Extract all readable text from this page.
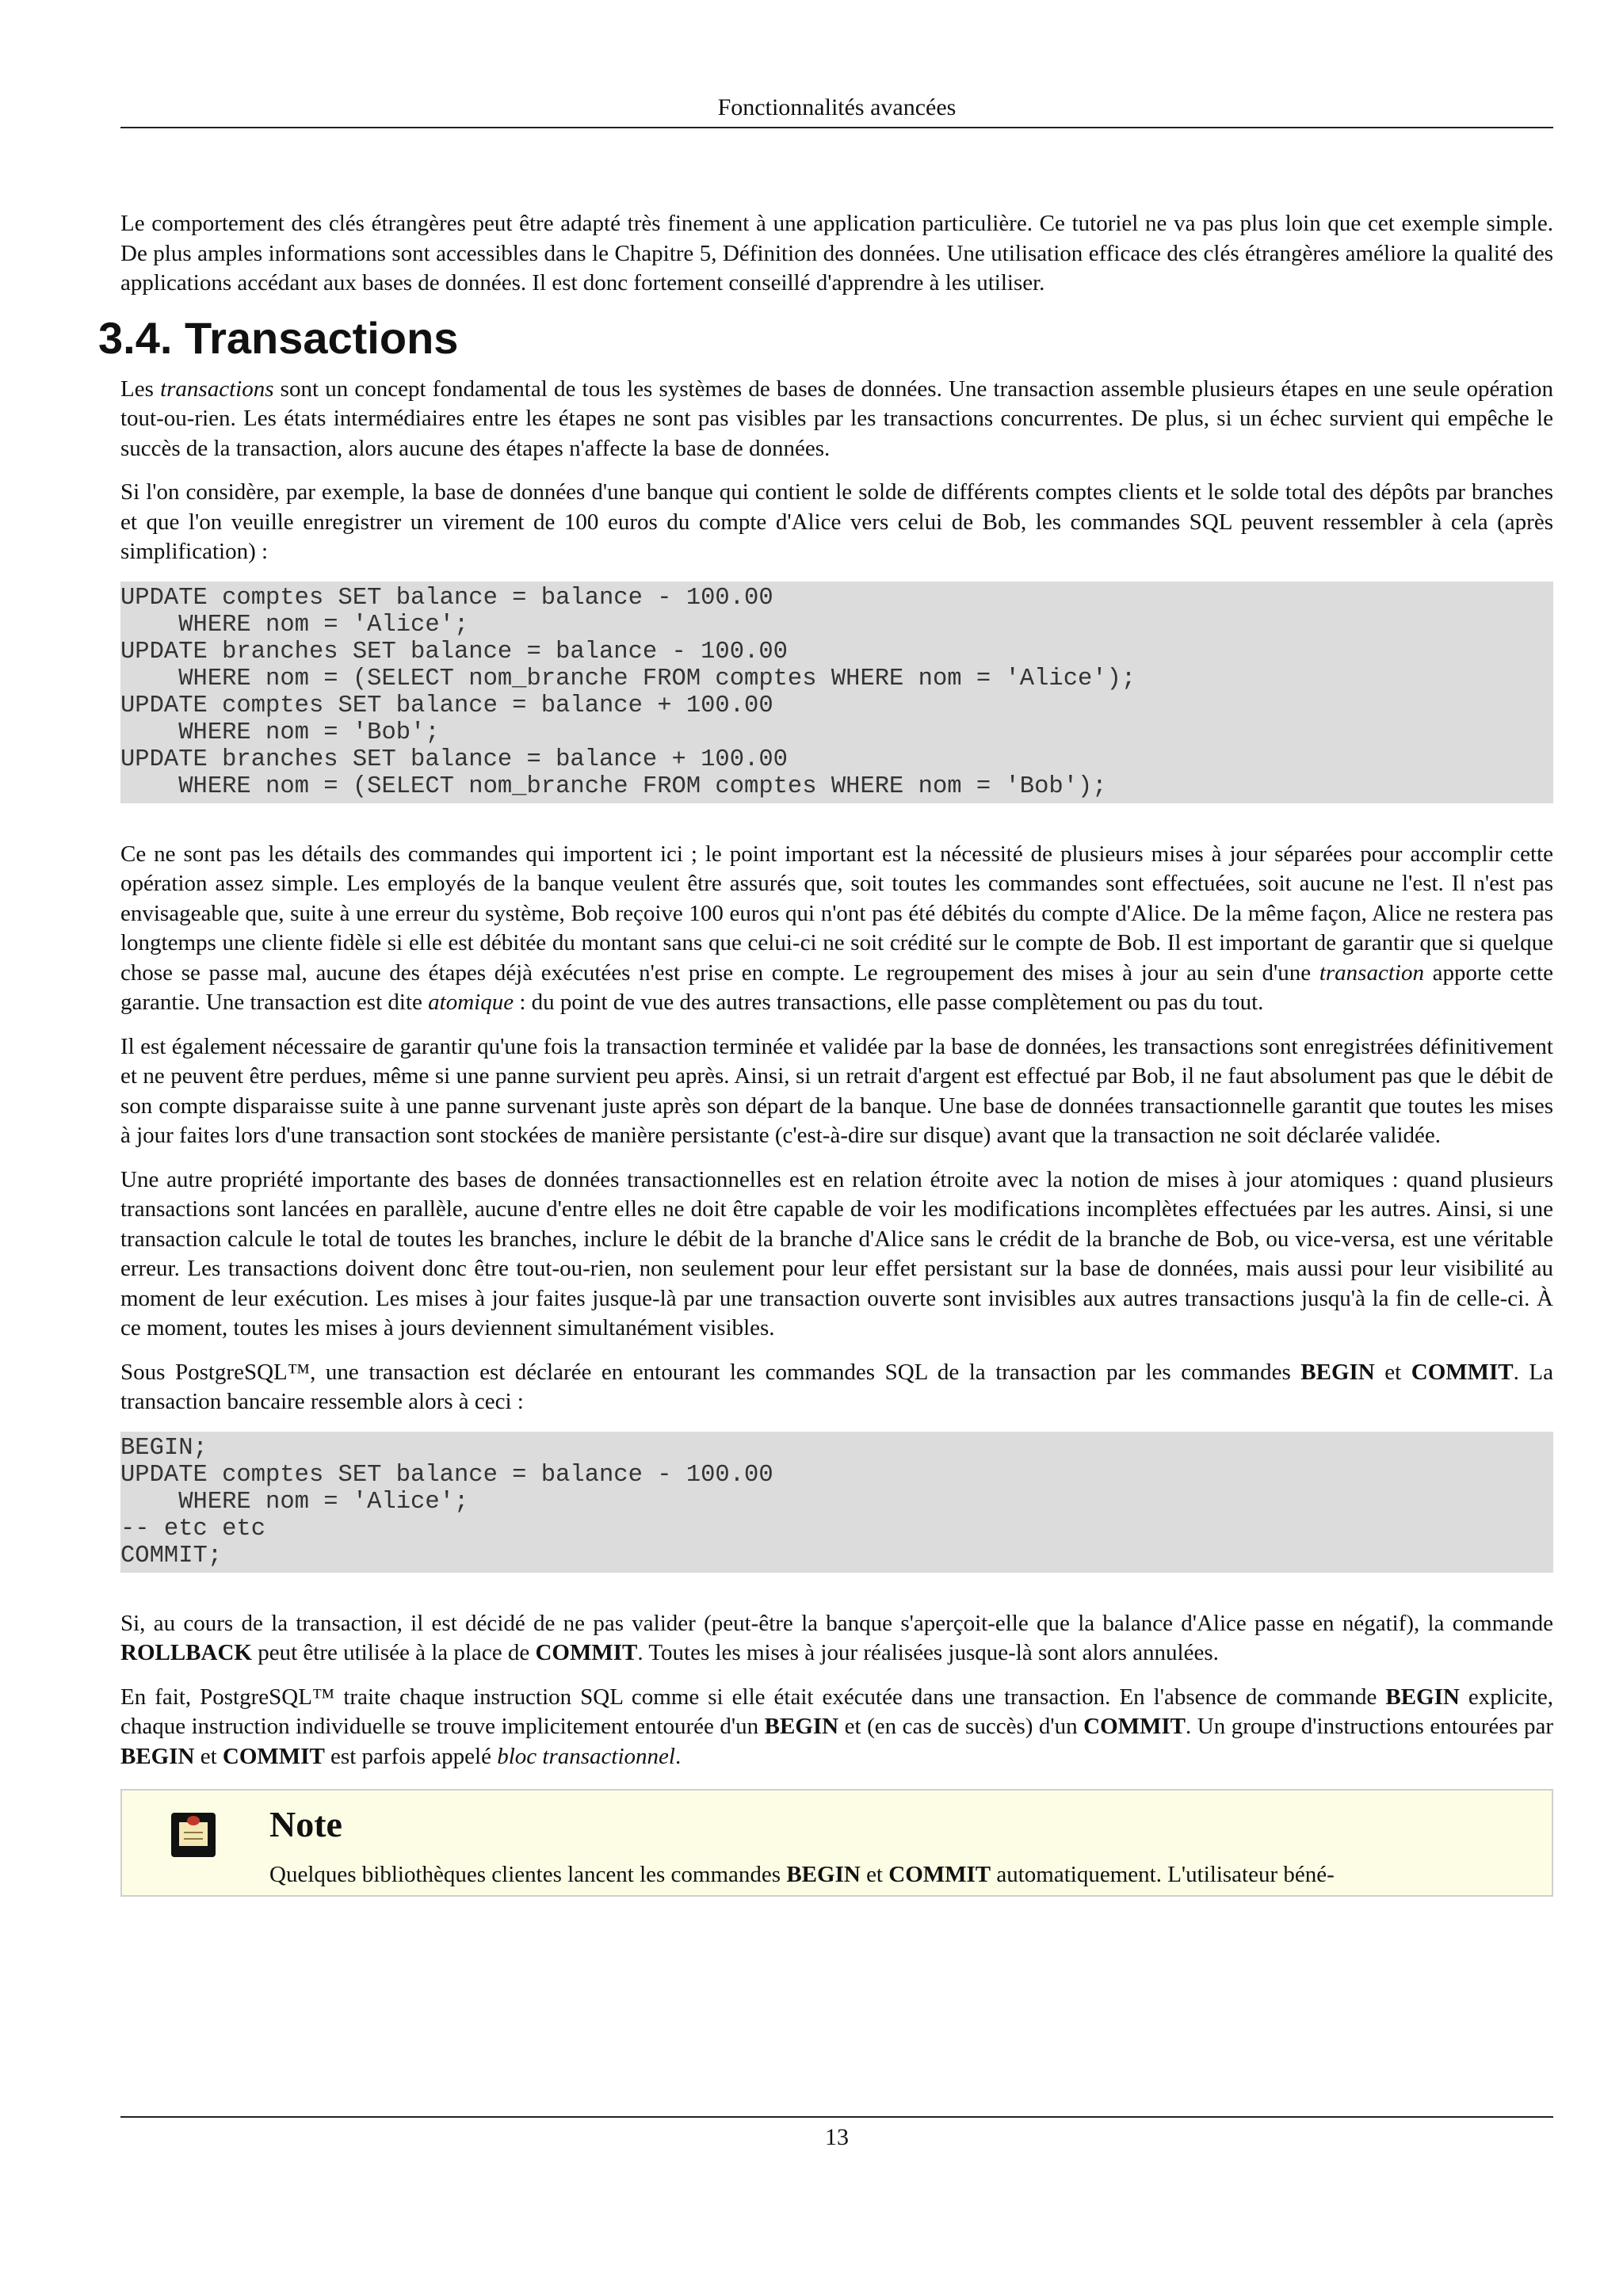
Fonctionnalités avancées

Le comportement des clés étrangères peut être adapté très finement à une application particulière. Ce tutoriel ne va pas plus loin que cet exemple simple. De plus amples informations sont accessibles dans le Chapitre 5, Définition des données. Une utilisation efficace des clés étrangères améliore la qualité des applications accédant aux bases de données. Il est donc fortement conseillé d'apprendre à les utiliser.

3.4. Transactions

Les transactions sont un concept fondamental de tous les systèmes de bases de données. Une transaction assemble plusieurs étapes en une seule opération tout-ou-rien. Les états intermédiaires entre les étapes ne sont pas visibles par les transactions concurrentes. De plus, si un échec survient qui empêche le succès de la transaction, alors aucune des étapes n'affecte la base de données.

Si l'on considère, par exemple, la base de données d'une banque qui contient le solde de différents comptes clients et le solde total des dépôts par branches et que l'on veuille enregistrer un virement de 100 euros du compte d'Alice vers celui de Bob, les commandes SQL peuvent ressembler à cela (après simplification) :

UPDATE comptes SET balance = balance - 100.00
WHERE nom = 'Alice';
UPDATE branches SET balance = balance - 100.00
WHERE nom = (SELECT nom_branche FROM comptes WHERE nom = 'Alice');
UPDATE comptes SET balance = balance + 100.00
WHERE nom = 'Bob';
UPDATE branches SET balance = balance + 100.00
WHERE nom = (SELECT nom_branche FROM comptes WHERE nom = 'Bob');

Ce ne sont pas les détails des commandes qui importent ici ; le point important est la nécessité de plusieurs mises à jour séparées pour accomplir cette opération assez simple. Les employés de la banque veulent être assurés que, soit toutes les commandes sont effectuées, soit aucune ne l'est. Il n'est pas envisageable que, suite à une erreur du système, Bob reçoive 100 euros qui n'ont pas été débités du compte d'Alice. De la même façon, Alice ne restera pas longtemps une cliente fidèle si elle est débitée du montant sans que celui-ci ne soit crédité sur le compte de Bob. Il est important de garantir que si quelque chose se passe mal, aucune des étapes déjà exécutées n'est prise en compte. Le regroupement des mises à jour au sein d'une transaction apporte cette garantie. Une transaction est dite atomique : du point de vue des autres transactions, elle passe complètement ou pas du tout.

Il est également nécessaire de garantir qu'une fois la transaction terminée et validée par la base de données, les transactions sont enregistrées définitivement et ne peuvent être perdues, même si une panne survient peu après. Ainsi, si un retrait d'argent est effectué par Bob, il ne faut absolument pas que le débit de son compte disparaisse suite à une panne survenant juste après son départ de la banque. Une base de données transactionnelle garantit que toutes les mises à jour faites lors d'une transaction sont stockées de manière persistante (c'est-à-dire sur disque) avant que la transaction ne soit déclarée validée.

Une autre propriété importante des bases de données transactionnelles est en relation étroite avec la notion de mises à jour atomiques : quand plusieurs transactions sont lancées en parallèle, aucune d'entre elles ne doit être capable de voir les modifications incomplètes effectuées par les autres. Ainsi, si une transaction calcule le total de toutes les branches, inclure le débit de la branche d'Alice sans le crédit de la branche de Bob, ou vice-versa, est une véritable erreur. Les transactions doivent donc être tout-ou-rien, non seulement pour leur effet persistant sur la base de données, mais aussi pour leur visibilité au moment de leur exécution. Les mises à jour faites jusque-là par une transaction ouverte sont invisibles aux autres transactions jusqu'à la fin de celle-ci. À ce moment, toutes les mises à jours deviennent simultanément visibles.

Sous PostgreSQL™, une transaction est déclarée en entourant les commandes SQL de la transaction par les commandes BEGIN et COMMIT. La transaction bancaire ressemble alors à ceci :

BEGIN;
UPDATE comptes SET balance = balance - 100.00
WHERE nom = 'Alice';
-- etc etc
COMMIT;

Si, au cours de la transaction, il est décidé de ne pas valider (peut-être la banque s'aperçoit-elle que la balance d'Alice passe en négatif), la commande ROLLBACK peut être utilisée à la place de COMMIT. Toutes les mises à jour réalisées jusque-là sont alors annulées.

En fait, PostgreSQL™ traite chaque instruction SQL comme si elle était exécutée dans une transaction. En l'absence de commande BEGIN explicite, chaque instruction individuelle se trouve implicitement entourée d'un BEGIN et (en cas de succès) d'un COMMIT. Un groupe d'instructions entourées par BEGIN et COMMIT est parfois appelé bloc transactionnel.

Note
Quelques bibliothèques clientes lancent les commandes BEGIN et COMMIT automatiquement. L'utilisateur béné-
13
